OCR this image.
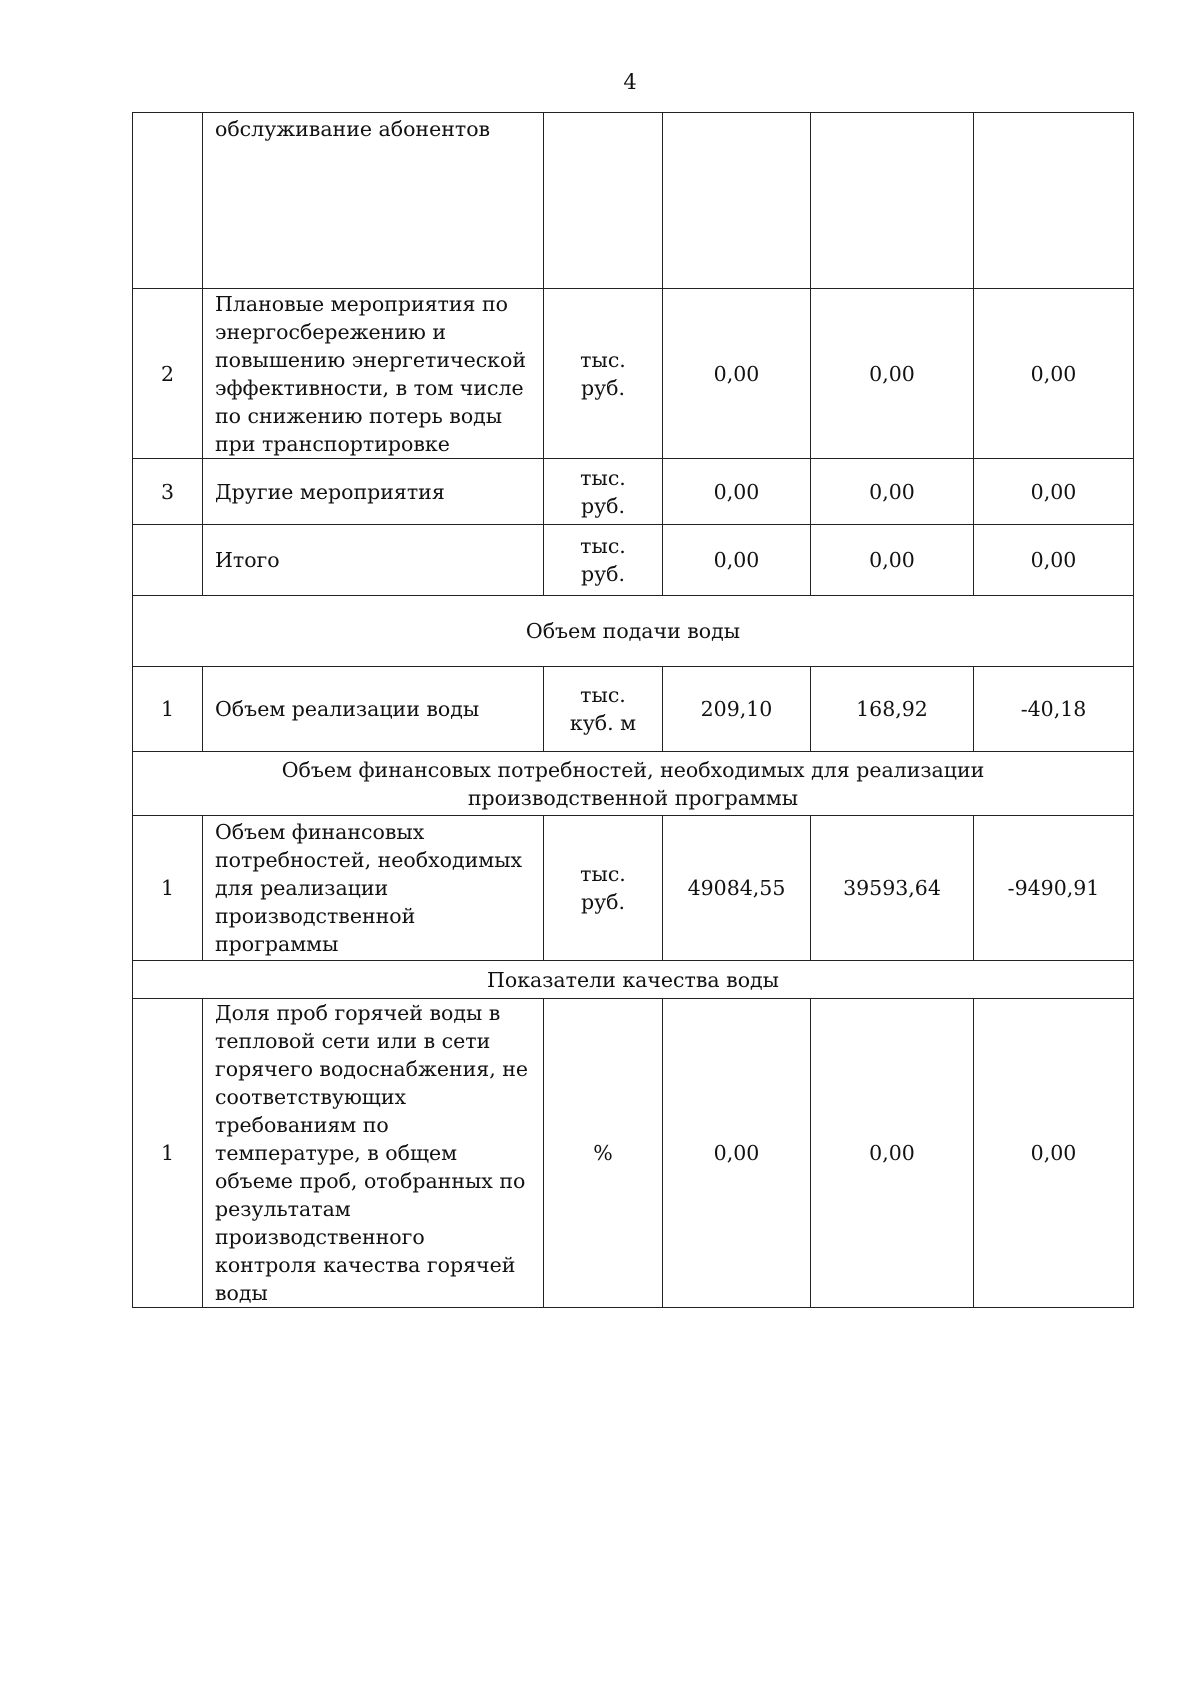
4
	обслуживание абонентов				
2	Плановые мероприятия по энергосбережению и повышению энергетической эффективности, в том числе по снижению потерь воды при транспортировке	тыс. руб.	0,00	0,00	0,00
3	Другие мероприятия	тыс. руб.	0,00	0,00	0,00
	Итого	тыс. руб.	0,00	0,00	0,00
Объем подачи воды					
1	Объем реализации воды	тыс. куб. м	209,10	168,92	-40,18
Объем финансовых потребностей, необходимых для реализации производственной программы					
1	Объем финансовых потребностей, необходимых для реализации производственной программы	тыс. руб.	49084,55	39593,64	-9490,91
Показатели качества воды					
1	Доля проб горячей воды в тепловой сети или в сети горячего водоснабжения, не соответствующих требованиям по температуре, в общем объеме проб, отобранных по результатам производственного контроля качества горячей воды	%	0,00	0,00	0,00
